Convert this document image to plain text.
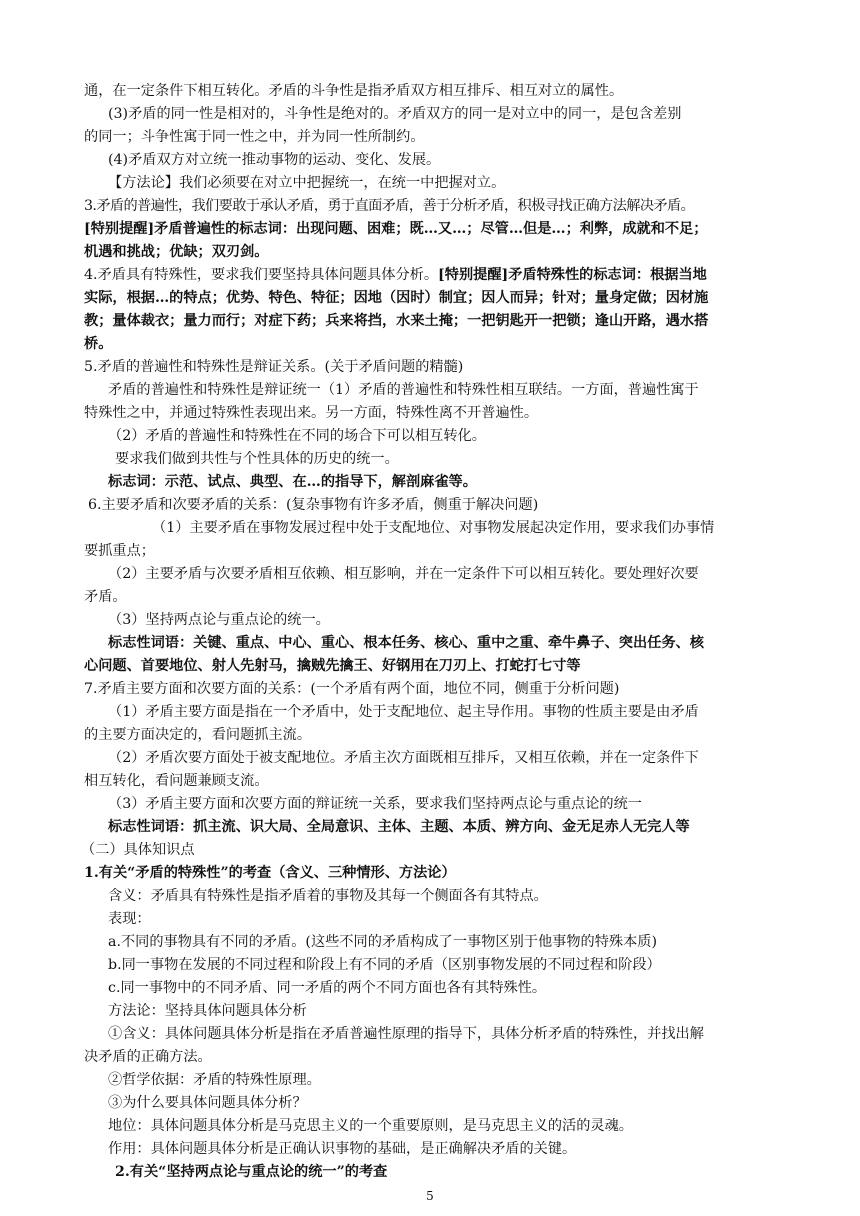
通，在一定条件下相互转化。矛盾的斗争性是指矛盾双方相互排斥、相互对立的属性。
(3)矛盾的同一性是相对的，斗争性是绝对的。矛盾双方的同一是对立中的同一，是包含差别
的同一；斗争性寓于同一性之中，并为同一性所制约。
(4)矛盾双方对立统一推动事物的运动、变化、发展。
【方法论】我们必须要在对立中把握统一，在统一中把握对立。
3.矛盾的普遍性，我们要敢于承认矛盾，勇于直面矛盾，善于分析矛盾，积极寻找正确方法解决矛盾。
[特别提醒]矛盾普遍性的标志词：出现问题、困难；既…又…；尽管…但是…；利弊，成就和不足；
机遇和挑战；优缺；双刃剑。
4.矛盾具有特殊性，要求我们要坚持具体问题具体分析。[特别提醒]矛盾特殊性的标志词：根据当地
实际，根据…的特点；优势、特色、特征；因地（因时）制宜；因人而异；针对；量身定做；因材施
教；量体裁衣；量力而行；对症下药；兵来将挡，水来土掩；一把钥匙开一把锁；逢山开路，遇水搭
桥。
5.矛盾的普遍性和特殊性是辩证关系。(关于矛盾问题的精髓)
矛盾的普遍性和特殊性是辩证统一（1）矛盾的普遍性和特殊性相互联结。一方面，普遍性寓于
特殊性之中，并通过特殊性表现出来。另一方面，特殊性离不开普遍性。
（2）矛盾的普遍性和特殊性在不同的场合下可以相互转化。
要求我们做到共性与个性具体的历史的统一。
标志词：示范、试点、典型、在…的指导下，解剖麻雀等。
6.主要矛盾和次要矛盾的关系：(复杂事物有许多矛盾，侧重于解决问题)
（1）主要矛盾在事物发展过程中处于支配地位、对事物发展起决定作用，要求我们办事情
要抓重点；
（2）主要矛盾与次要矛盾相互依赖、相互影响，并在一定条件下可以相互转化。要处理好次要
矛盾。
（3）坚持两点论与重点论的统一。
标志性词语：关键、重点、中心、重心、根本任务、核心、重中之重、牵牛鼻子、突出任务、核
心问题、首要地位、射人先射马，擒贼先擒王、好钢用在刀刃上、打蛇打七寸等
7.矛盾主要方面和次要方面的关系：(一个矛盾有两个面，地位不同，侧重于分析问题)
（1）矛盾主要方面是指在一个矛盾中，处于支配地位、起主导作用。事物的性质主要是由矛盾
的主要方面决定的，看问题抓主流。
（2）矛盾次要方面处于被支配地位。矛盾主次方面既相互排斥，又相互依赖，并在一定条件下
相互转化，看问题兼顾支流。
（3）矛盾主要方面和次要方面的辩证统一关系，要求我们坚持两点论与重点论的统一
标志性词语：抓主流、识大局、全局意识、主体、主题、本质、辨方向、金无足赤人无完人等
（二）具体知识点
1.有关“矛盾的特殊性”的考查（含义、三种情形、方法论）
含义：矛盾具有特殊性是指矛盾着的事物及其每一个侧面各有其特点。
表现：
a.不同的事物具有不同的矛盾。(这些不同的矛盾构成了一事物区别于他事物的特殊本质)
b.同一事物在发展的不同过程和阶段上有不同的矛盾（区别事物发展的不同过程和阶段）
c.同一事物中的不同矛盾、同一矛盾的两个不同方面也各有其特殊性。
方法论：坚持具体问题具体分析
①含义：具体问题具体分析是指在矛盾普遍性原理的指导下，具体分析矛盾的特殊性，并找出解
决矛盾的正确方法。
②哲学依据：矛盾的特殊性原理。
③为什么要具体问题具体分析？
地位：具体问题具体分析是马克思主义的一个重要原则，是马克思主义的活的灵魂。
作用：具体问题具体分析是正确认识事物的基础，是正确解决矛盾的关键。
2.有关“坚持两点论与重点论的统一”的考查
5
